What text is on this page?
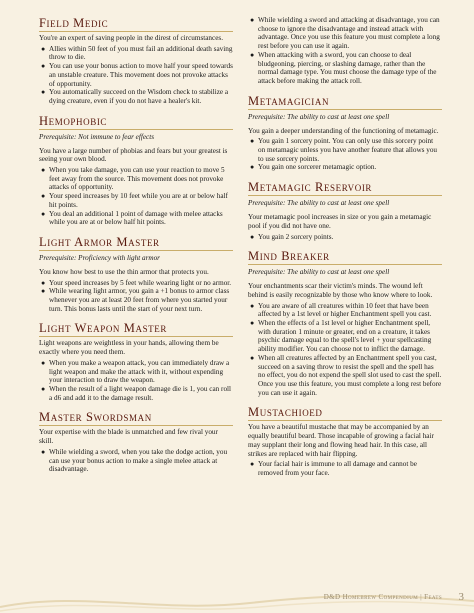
Field Medic

You're an expert of saving people in the direst of circumstances.

● Allies within 50 feet of you must fail an additional death saving throw to die.
● You can use your bonus action to move half your speed towards an unstable creature. This movement does not provoke attacks of opportunity.
● You automatically succeed on the Wisdom check to stabilize a dying creature, even if you do not have a healer's kit.
Hemophobic
Prerequisite: Not immune to fear effects

You have a large number of phobias and fears but your greatest is seeing your own blood.

● When you take damage, you can use your reaction to move 5 feet away from the source. This movement does not provoke attacks of opportunity.
● Your speed increases by 10 feet while you are at or below half hit points.
● You deal an additional 1 point of damage with melee attacks while you are at or below half hit points.
Light Armor Master
Prerequisite: Proficiency with light armor

You know how best to use the thin armor that protects you.

● Your speed increases by 5 feet while wearing light or no armor.
● While wearing light armor, you gain a +1 bonus to armor class whenever you are at least 20 feet from where you started your turn. This bonus lasts until the start of your next turn.
Light Weapon Master

Light weapons are weightless in your hands, allowing them be exactly where you need them.

● When you make a weapon attack, you can immediately draw a light weapon and make the attack with it, without expending your interaction to draw the weapon.
● When the result of a light weapon damage die is 1, you can roll a d6 and add it to the damage result.
Master Swordsman

Your expertise with the blade is unmatched and few rival your skill.

● While wielding a sword, when you take the dodge action, you can use your bonus action to make a single melee attack at disadvantage.
● While wielding a sword and attacking at disadvantage, you can choose to ignore the disadvantage and instead attack with advantage. Once you use this feature you must complete a long rest before you can use it again.
● When attacking with a sword, you can choose to deal bludgeoning, piercing, or slashing damage, rather than the normal damage type. You must choose the damage type of the attack before making the attack roll.
Metamagician
Prerequisite: The ability to cast at least one spell

You gain a deeper understanding of the functioning of metamagic.

● You gain 1 sorcery point. You can only use this sorcery point on metamagic unless you have another feature that allows you to use sorcery points.
● You gain one sorcerer metamagic option.
Metamagic Reservoir
Prerequisite: The ability to cast at least one spell

Your metamagic pool increases in size or you gain a metamagic pool if you did not have one.

● You gain 2 sorcery points.
Mind Breaker
Prerequisite: The ability to cast at least one spell

Your enchantments scar their victim's minds. The wound left behind is easily recognizable by those who know where to look.

● You are aware of all creatures within 10 feet that have been affected by a 1st level or higher Enchantment spell you cast.
● When the effects of a 1st level or higher Enchantment spell, with duration 1 minute or greater, end on a creature, it takes psychic damage equal to the spell's level + your spellcasting ability modifier. You can choose not to inflict the damage.
● When all creatures affected by an Enchantment spell you cast, succeed on a saving throw to resist the spell and the spell has no effect, you do not expend the spell slot used to cast the spell. Once you use this feature, you must complete a long rest before you can use it again.
Mustachioed

You have a beautiful mustache that may be accompanied by an equally beautiful beard. Those incapable of growing a facial hair may supplant their long and flowing head hair. In this case, all strikes are replaced with hair flipping.

● Your facial hair is immune to all damage and cannot be removed from your face.
D&D Homebrew Compendium | Feats 3
